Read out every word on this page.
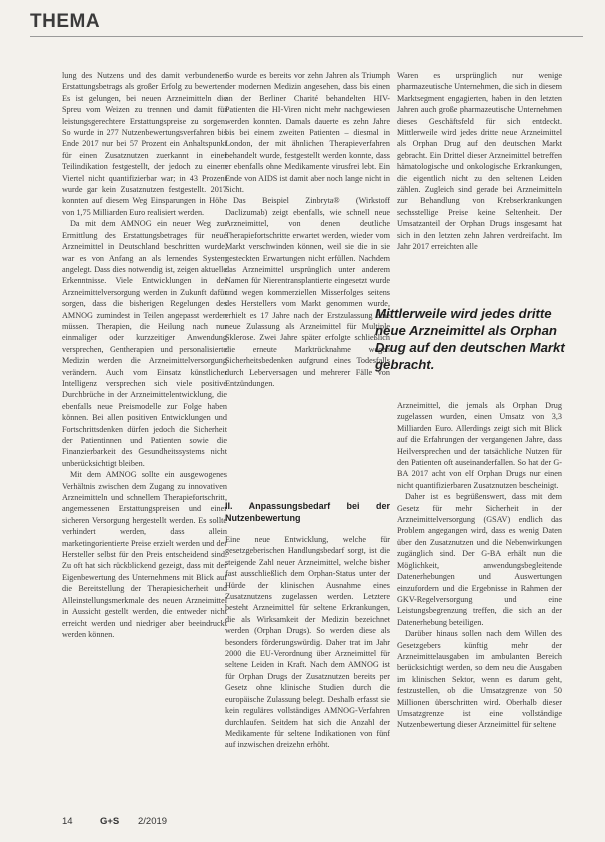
THEMA

lung des Nutzens und des damit verbundenen Erstattungsbetrags als großer Erfolg zu bewerten. Es ist gelungen, bei neuen Arzneimitteln die Spreu vom Weizen zu trennen und damit für leistungsgerechtere Erstattungspreise zu sorgen. So wurde in 277 Nutzenbewertungsverfahren bis Ende 2017 nur bei 57 Prozent ein Anhaltspunkt für einen Zusatznutzen zuerkannt in einer Teilindikation festgestellt, der jedoch zu einem Viertel nicht quantifizierbar war; in 43 Prozent wurde gar kein Zusatznutzen festgestellt. 2017 konnten auf diesem Weg Einsparungen in Höhe von 1,75 Milliarden Euro realisiert werden.

Da mit dem AMNOG ein neuer Weg zur Ermittlung des Erstattungsbetrages für neue Arzneimittel in Deutschland beschritten wurde, war es von Anfang an als lernendes System angelegt. Dass dies notwendig ist, zeigen aktuelle Erkenntnisse. Viele Entwicklungen in der Arzneimittelversorgung werden in Zukunft dafür sorgen, dass die bisherigen Regelungen des AMNOG zumindest in Teilen angepasst werden müssen. Therapien, die Heilung nach nur einmaliger oder kurzzeitiger Anwendung versprechen, Gentherapien und personalisierte Medizin werden die Arzneimittelversorgung verändern. Auch vom Einsatz künstlicher Intelligenz versprechen sich viele positive Durchbrüche in der Arzneimittelentwicklung, die ebenfalls neue Preismodelle zur Folge haben können. Bei allen positiven Entwicklungen und Fortschrittsdenken dürfen jedoch die Sicherheit der Patientinnen und Patienten sowie die Finanzierbarkeit des Gesundheitssystems nicht unberücksichtigt bleiben.

Mit dem AMNOG sollte ein ausgewogenes Verhältnis zwischen dem Zugang zu innovativen Arzneimitteln und schnellem Therapiefortschritt, angemessenen Erstattungspreisen und einer sicheren Versorgung hergestellt werden. Es sollte verhindert werden, dass allein marketingorientierte Preise erzielt werden und der Hersteller selbst für den Preis entscheidend sind. Zu oft hat sich rückblickend gezeigt, dass mit der Eigenbewertung des Unternehmens mit Blick auf die Bereitstellung der Therapiesicherheit und Alleinstellungsmerkmale des neuen Arzneimittel in Aussicht gestellt werden, die entweder nicht erreicht werden und niedriger aber beeindruckt werden können.

So wurde es bereits vor zehn Jahren als Triumph der modernen Medizin angesehen, dass bis einen an der Berliner Charité behandelten HIV-Patienten die HI-Viren nicht mehr nachgewiesen werden konnten. Damals dauerte es zehn Jahre bis bei einem zweiten Patienten – diesmal in London, der mit ähnlichen Therapieverfahren behandelt wurde, festgestellt werden konnte, dass er ebenfalls ohne Medikamente virusfrei lebt. Ein Ende von AIDS ist damit aber noch lange nicht in Sicht.

Das Beispiel Zinbryta® (Wirkstoff Daclizumab) zeigt ebenfalls, wie schnell neue Arzneimittel, von denen deutliche Therapiefortschritte erwartet werden, wieder vom Markt verschwinden können, weil sie die in sie gesteckten Erwartungen nicht erfüllen. Nachdem das Arzneimittel ursprünglich unter anderem Namen für Nierentransplantierte eingesetzt wurde und wegen kommerziellen Misserfolges seitens des Herstellers vom Markt genommen wurde, erhielt es 17 Jahre nach der Erstzulassung eine neue Zulassung als Arzneimittel für Multiple Sklerose. Zwei Jahre später erfolgte schließlich die erneute Marktrücknahme wegen Sicherheitsbedenken aufgrund eines Todesfalls durch Leberversagen und mehrerer Fälle von Entzündungen.

II. Anpassungsbedarf bei der Nutzenbewertung

Eine neue Entwicklung, welche für gesetzgeberischen Handlungsbedarf sorgt, ist die steigende Zahl neuer Arzneimittel, welche bisher fast ausschließlich dem Orphan-Status unter der Hürde der klinischen Ausnahme eines Zusatznutzens zugelassen werden. Letztere besteht Arzneimittel für seltene Erkrankungen, die als Wirksamkeit der Medizin bezeichnet werden (Orphan Drugs). So werden diese als besonders förderungswürdig. Daher trat im Jahr 2000 die EU-Verordnung über Arzneimittel für seltene Leiden in Kraft. Nach dem AMNOG ist für Orphan Drugs der Zusatznutzen bereits per Gesetz ohne klinische Studien durch die europäische Zulassung belegt. Deshalb erfasst sie kein reguläres vollständiges AMNOG-Verfahren durchlaufen. Seitdem hat sich die Anzahl der Medikamente für seltene Indikationen von fünf auf inzwischen dreizehn erhöht.

Waren es ursprünglich nur wenige pharmazeutische Unternehmen, die sich in diesem Marktsegment engagierten, haben in den letzten Jahren auch große pharmazeutische Unternehmen dieses Geschäftsfeld für sich entdeckt. Mittlerweile wird jedes dritte neue Arzneimittel als Orphan Drug auf den deutschen Markt gebracht. Ein Drittel dieser Arzneimittel betreffen hämatologische und onkologische Erkrankungen, die eigentlich nicht zu den seltenen Leiden zählen. Zugleich sind gerade bei Arzneimitteln zur Behandlung von Krebserkrankungen sechsstellige Preise keine Seltenheit. Der Umsatzanteil der Orphan Drugs insgesamt hat sich in den letzten zehn Jahren verdreifacht. Im Jahr 2017 erreichten alle

Mittlerweile wird jedes dritte neue Arzneimittel als Orphan Drug auf den deutschen Markt gebracht.

Arzneimittel, die jemals als Orphan Drug zugelassen wurden, einen Umsatz von 3,3 Milliarden Euro. Allerdings zeigt sich mit Blick auf die Erfahrungen der vergangenen Jahre, dass Heilversprechen und der tatsächliche Nutzen für den Patienten oft auseinanderfallen. So hat der G-BA 2017 acht von elf Orphan Drugs nur einen nicht quantifizierbaren Zusatznutzen bescheinigt.

Daher ist es begrüßenswert, dass mit dem Gesetz für mehr Sicherheit in der Arzneimittelversorgung (GSAV) endlich das Problem angegangen wird, dass es wenig Daten über den Zusatznutzen und die Nebenwirkungen zugänglich sind. Der G-BA erhält nun die Möglichkeit, anwendungsbegleitende Datenerhebungen und Auswertungen einzufordern und die Ergebnisse in Rahmen der GKV-Regelversorgung und eine Leistungsbegrenzung treffen, die sich an der Datenerhebung beteiligen.

Darüber hinaus sollen nach dem Willen des Gesetzgebers künftig mehr der Arzneimittelausgaben im ambulanten Bereich berücksichtigt werden, so dem neu die Ausgaben im klinischen Sektor, wenn es darum geht, festzustellen, ob die Umsatzgrenze von 50 Millionen überschritten wird. Oberhalb dieser Umsatzgrenze ist eine vollständige Nutzenbewertung dieser Arzneimittel für seltene

14	G+S 2/2019
